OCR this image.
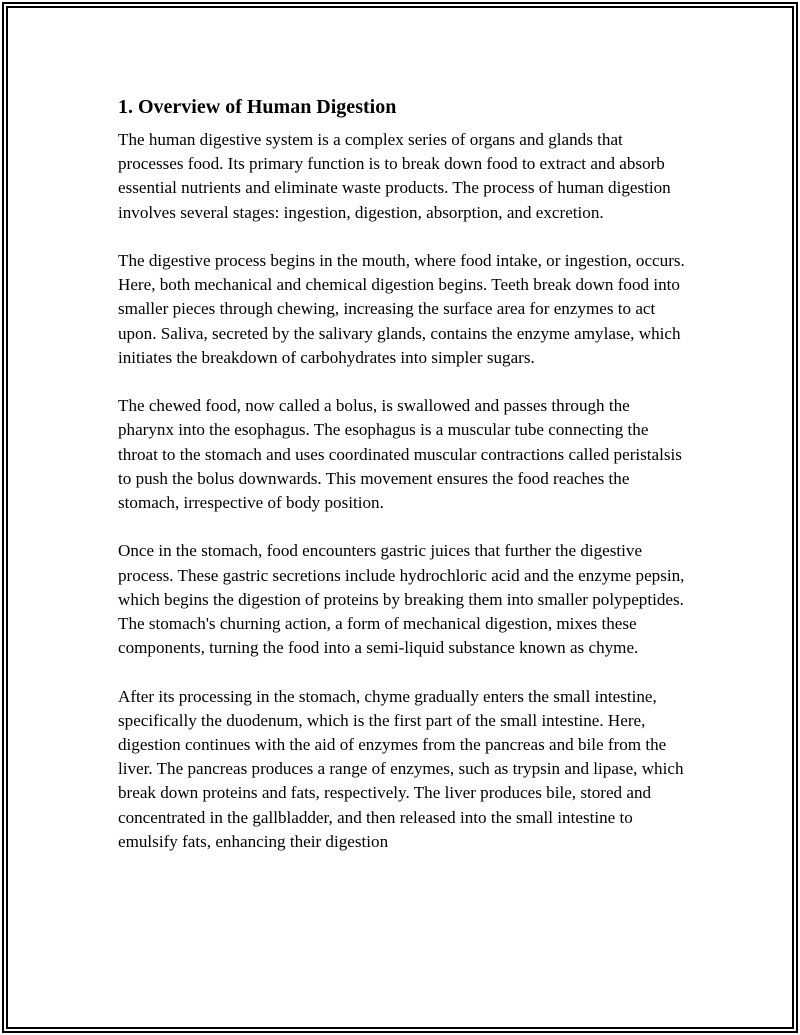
1. Overview of Human Digestion

The human digestive system is a complex series of organs and glands that processes food. Its primary function is to break down food to extract and absorb essential nutrients and eliminate waste products. The process of human digestion involves several stages: ingestion, digestion, absorption, and excretion.

The digestive process begins in the mouth, where food intake, or ingestion, occurs. Here, both mechanical and chemical digestion begins. Teeth break down food into smaller pieces through chewing, increasing the surface area for enzymes to act upon. Saliva, secreted by the salivary glands, contains the enzyme amylase, which initiates the breakdown of carbohydrates into simpler sugars.

The chewed food, now called a bolus, is swallowed and passes through the pharynx into the esophagus. The esophagus is a muscular tube connecting the throat to the stomach and uses coordinated muscular contractions called peristalsis to push the bolus downwards. This movement ensures the food reaches the stomach, irrespective of body position.

Once in the stomach, food encounters gastric juices that further the digestive process. These gastric secretions include hydrochloric acid and the enzyme pepsin, which begins the digestion of proteins by breaking them into smaller polypeptides. The stomach's churning action, a form of mechanical digestion, mixes these components, turning the food into a semi-liquid substance known as chyme.

After its processing in the stomach, chyme gradually enters the small intestine, specifically the duodenum, which is the first part of the small intestine. Here, digestion continues with the aid of enzymes from the pancreas and bile from the liver. The pancreas produces a range of enzymes, such as trypsin and lipase, which break down proteins and fats, respectively. The liver produces bile, stored and concentrated in the gallbladder, and then released into the small intestine to emulsify fats, enhancing their digestion
